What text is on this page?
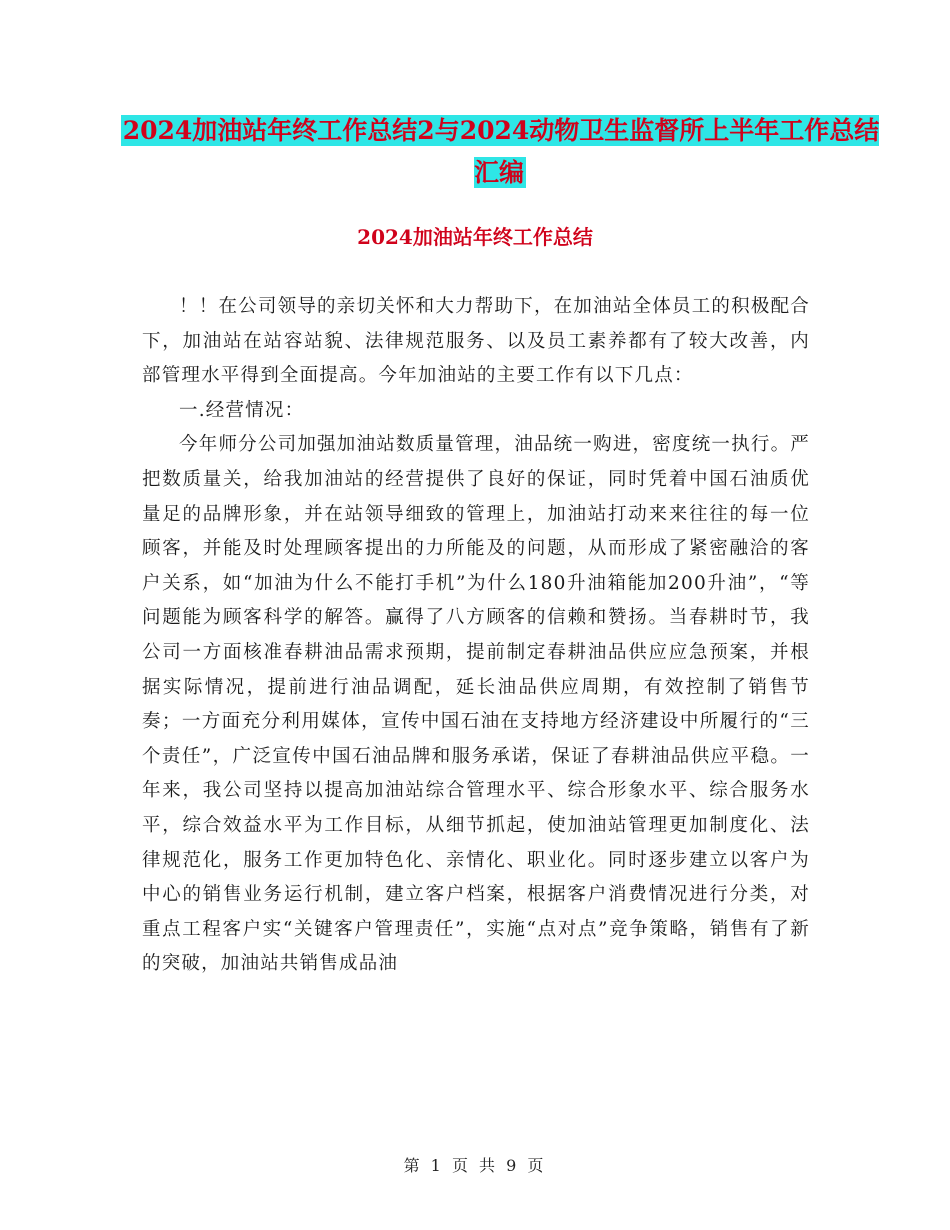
2024加油站年终工作总结2与2024动物卫生监督所上半年工作总结汇编
2024加油站年终工作总结

！！在公司领导的亲切关怀和大力帮助下，在加油站全体员工的积极配合下，加油站在站容站貌、法律规范服务、以及员工素养都有了较大改善，内部管理水平得到全面提高。今年加油站的主要工作有以下几点：

一.经营情况：

今年师分公司加强加油站数质量管理，油品统一购进，密度统一执行。严把数质量关，给我加油站的经营提供了良好的保证，同时凭着中国石油质优量足的品牌形象，并在站领导细致的管理上，加油站打动来来往往的每一位顾客，并能及时处理顾客提出的力所能及的问题，从而形成了紧密融洽的客户关系，如“加油为什么不能打手机”为什么180升油箱能加200升油”，“等问题能为顾客科学的解答。赢得了八方顾客的信赖和赞扬。当春耕时节，我公司一方面核准春耕油品需求预期，提前制定春耕油品供应应急预案，并根据实际情况，提前进行油品调配，延长油品供应周期，有效控制了销售节奏；一方面充分利用媒体，宣传中国石油在支持地方经济建设中所履行的“三个责任”，广泛宣传中国石油品牌和服务承诺，保证了春耕油品供应平稳。一年来，我公司坚持以提高加油站综合管理水平、综合形象水平、综合服务水平，综合效益水平为工作目标，从细节抓起，使加油站管理更加制度化、法律规范化，服务工作更加特色化、亲情化、职业化。同时逐步建立以客户为中心的销售业务运行机制，建立客户档案，根据客户消费情况进行分类，对重点工程客户实“关键客户管理责任”，实施“点对点”竞争策略，销售有了新的突破，加油站共销售成品油

第 1 页 共 9 页
